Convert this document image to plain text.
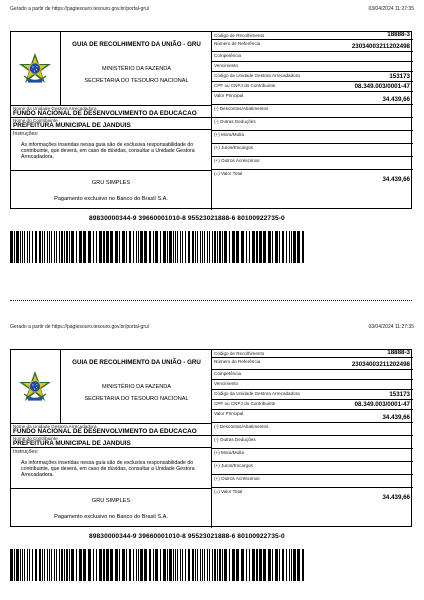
Gerado a partir de https://pagtesouro.tesouro.gov.br/portal-gru/	03/04/2024 11:27:35
GUIA DE RECOLHIMENTO DA UNIÃO - GRU
MINISTÉRIO DA FAZENDA
SECRETARIA DO TESOURO NACIONAL
Nome da Unidade Gestora Arrecadadora
FUNDO NACIONAL DE DESENVOLVIMENTO DA EDUCACAO
Nome do Contribuinte
PREFEITURA MUNICIPAL DE JANDUIS
Instruções:
As informações inseridas nessa guia são de exclusiva responsabilidade do contribuinte, que deverá, em caso de dúvidas, consultar a Unidade Gestora Arrecadadora.
GRU SIMPLES
Pagamento exclusivo no Banco do Brasil S.A.
Código de Recolhimento	18888-3
Número de Referência	23034003211202498
Competência
Vencimento
Código da Unidade Gestora Arrecadadora	153173
CPF ou CNPJ do Contribuinte	08.349.003/0001-47
Valor Principal
34.439,66
(-) Descontos/Abatimentos
(-) Outras Deduções
(+) Mora/Multa
(+) Juros/Encargos
(+) Outros Acréscimos
(=) Valor Total
34.439,66
89830000344-9 39660001010-8 95523021888-6 80100922735-0
Gerado a partir de https://pagtesouro.tesouro.gov.br/portal-gru/	03/04/2024 11:27:35
GUIA DE RECOLHIMENTO DA UNIÃO - GRU
MINISTÉRIO DA FAZENDA
SECRETARIA DO TESOURO NACIONAL
Nome da Unidade Gestora Arrecadadora
FUNDO NACIONAL DE DESENVOLVIMENTO DA EDUCACAO
Nome do Contribuinte
PREFEITURA MUNICIPAL DE JANDUIS
Instruções:
As informações inseridas nessa guia são de exclusiva responsabilidade do contribuinte, que deverá, em caso de dúvidas, consultar a Unidade Gestora Arrecadadora.
GRU SIMPLES
Pagamento exclusivo no Banco do Brasil S.A.
Código de Recolhimento	18888-3
Número de Referência	23034003211202498
Competência
Vencimento
Código da Unidade Gestora Arrecadadora	153173
CPF ou CNPJ do Contribuinte	08.349.003/0001-47
Valor Principal
34.439,66
(-) Descontos/Abatimentos
(-) Outras Deduções
(+) Mora/Multa
(+) Juros/Encargos
(+) Outros Acréscimos
(=) Valor Total
34.439,66
89830000344-9 39660001010-8 95523021888-6 80100922735-0
